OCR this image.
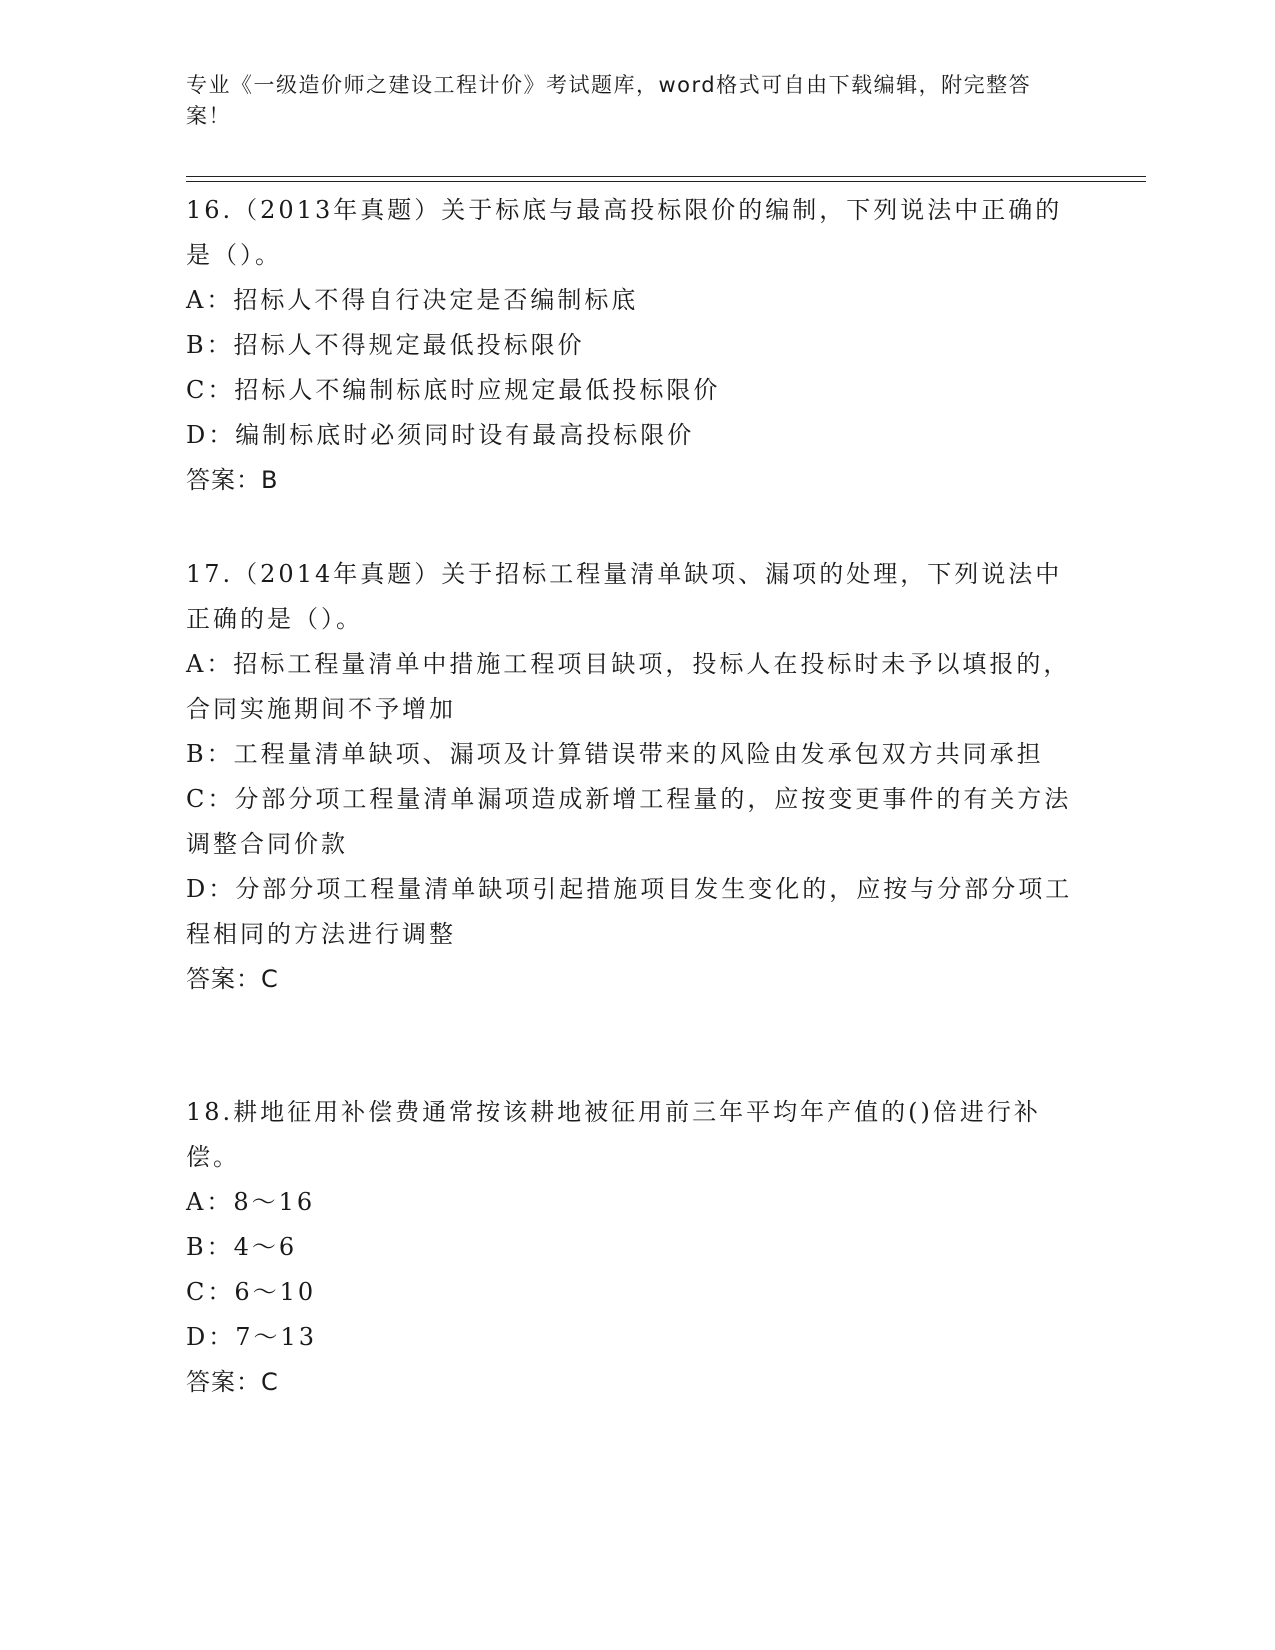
专业《一级造价师之建设工程计价》考试题库，word格式可自由下载编辑，附完整答案！

16.（2013年真题）关于标底与最高投标限价的编制，下列说法中正确的是（）。

A：招标人不得自行决定是否编制标底

B：招标人不得规定最低投标限价

C：招标人不编制标底时应规定最低投标限价

D：编制标底时必须同时设有最高投标限价

答案：B

17.（2014年真题）关于招标工程量清单缺项、漏项的处理，下列说法中正确的是（）。

A：招标工程量清单中措施工程项目缺项，投标人在投标时未予以填报的，合同实施期间不予增加

B：工程量清单缺项、漏项及计算错误带来的风险由发承包双方共同承担

C：分部分项工程量清单漏项造成新增工程量的，应按变更事件的有关方法调整合同价款

D：分部分项工程量清单缺项引起措施项目发生变化的，应按与分部分项工程相同的方法进行调整

答案：C

18.耕地征用补偿费通常按该耕地被征用前三年平均年产值的()倍进行补偿。

A：8～16

B：4～6

C：6～10

D：7～13

答案：C
